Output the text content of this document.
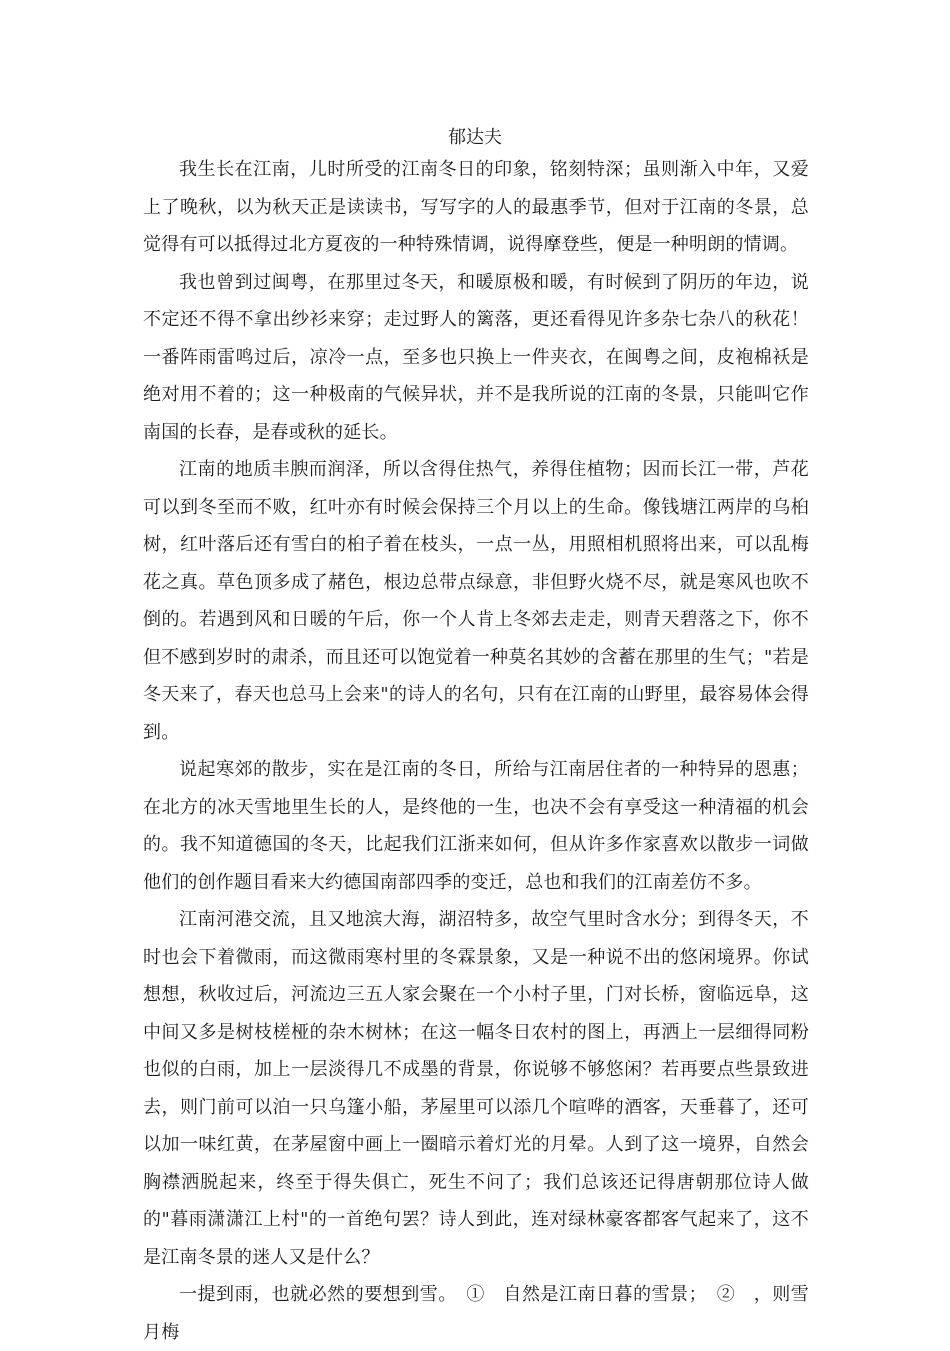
郁达夫

我生长在江南，儿时所受的江南冬日的印象，铭刻特深；虽则渐入中年，又爱上了晚秋，以为秋天正是读读书，写写字的人的最惠季节，但对于江南的冬景，总觉得有可以抵得过北方夏夜的一种特殊情调，说得摩登些，便是一种明朗的情调。

我也曾到过闽粤，在那里过冬天，和暖原极和暖，有时候到了阴历的年边，说不定还不得不拿出纱衫来穿；走过野人的篱落，更还看得见许多杂七杂八的秋花！一番阵雨雷鸣过后，凉冷一点，至多也只换上一件夹衣，在闽粤之间，皮袍棉袄是绝对用不着的；这一种极南的气候异状，并不是我所说的江南的冬景，只能叫它作南国的长春，是春或秋的延长。

江南的地质丰腴而润泽，所以含得住热气，养得住植物；因而长江一带，芦花可以到冬至而不败，红叶亦有时候会保持三个月以上的生命。像钱塘江两岸的乌桕树，红叶落后还有雪白的桕子着在枝头，一点一丛，用照相机照将出来，可以乱梅花之真。草色顶多成了赭色，根边总带点绿意，非但野火烧不尽，就是寒风也吹不倒的。若遇到风和日暖的午后，你一个人肯上冬郊去走走，则青天碧落之下，你不但不感到岁时的肃杀，而且还可以饱觉着一种莫名其妙的含蓄在那里的生气；"若是冬天来了，春天也总马上会来"的诗人的名句，只有在江南的山野里，最容易体会得到。

说起寒郊的散步，实在是江南的冬日，所给与江南居住者的一种特异的恩惠；在北方的冰天雪地里生长的人，是终他的一生，也决不会有享受这一种清福的机会的。我不知道德国的冬天，比起我们江浙来如何，但从许多作家喜欢以散步一词做他们的创作题目看来大约德国南部四季的变迁，总也和我们的江南差仿不多。

江南河港交流，且又地滨大海，湖沼特多，故空气里时含水分；到得冬天，不时也会下着微雨，而这微雨寒村里的冬霖景象，又是一种说不出的悠闲境界。你试想想，秋收过后，河流边三五人家会聚在一个小村子里，门对长桥，窗临远阜，这中间又多是树枝槎桠的杂木树林；在这一幅冬日农村的图上，再洒上一层细得同粉也似的白雨，加上一层淡得几不成墨的背景，你说够不够悠闲？若再要点些景致进去，则门前可以泊一只乌篷小船，茅屋里可以添几个喧哗的酒客，天垂暮了，还可以加一味红黄，在茅屋窗中画上一圈暗示着灯光的月晕。人到了这一境界，自然会胸襟洒脱起来，终至于得失俱亡，死生不问了；我们总该还记得唐朝那位诗人做的"暮雨潇潇江上村"的一首绝句罢？诗人到此，连对绿林豪客都客气起来了，这不是江南冬景的迷人又是什么？

一提到雨，也就必然的要想到雪。　①　自然是江南日暮的雪景；　②　，则雪月梅
